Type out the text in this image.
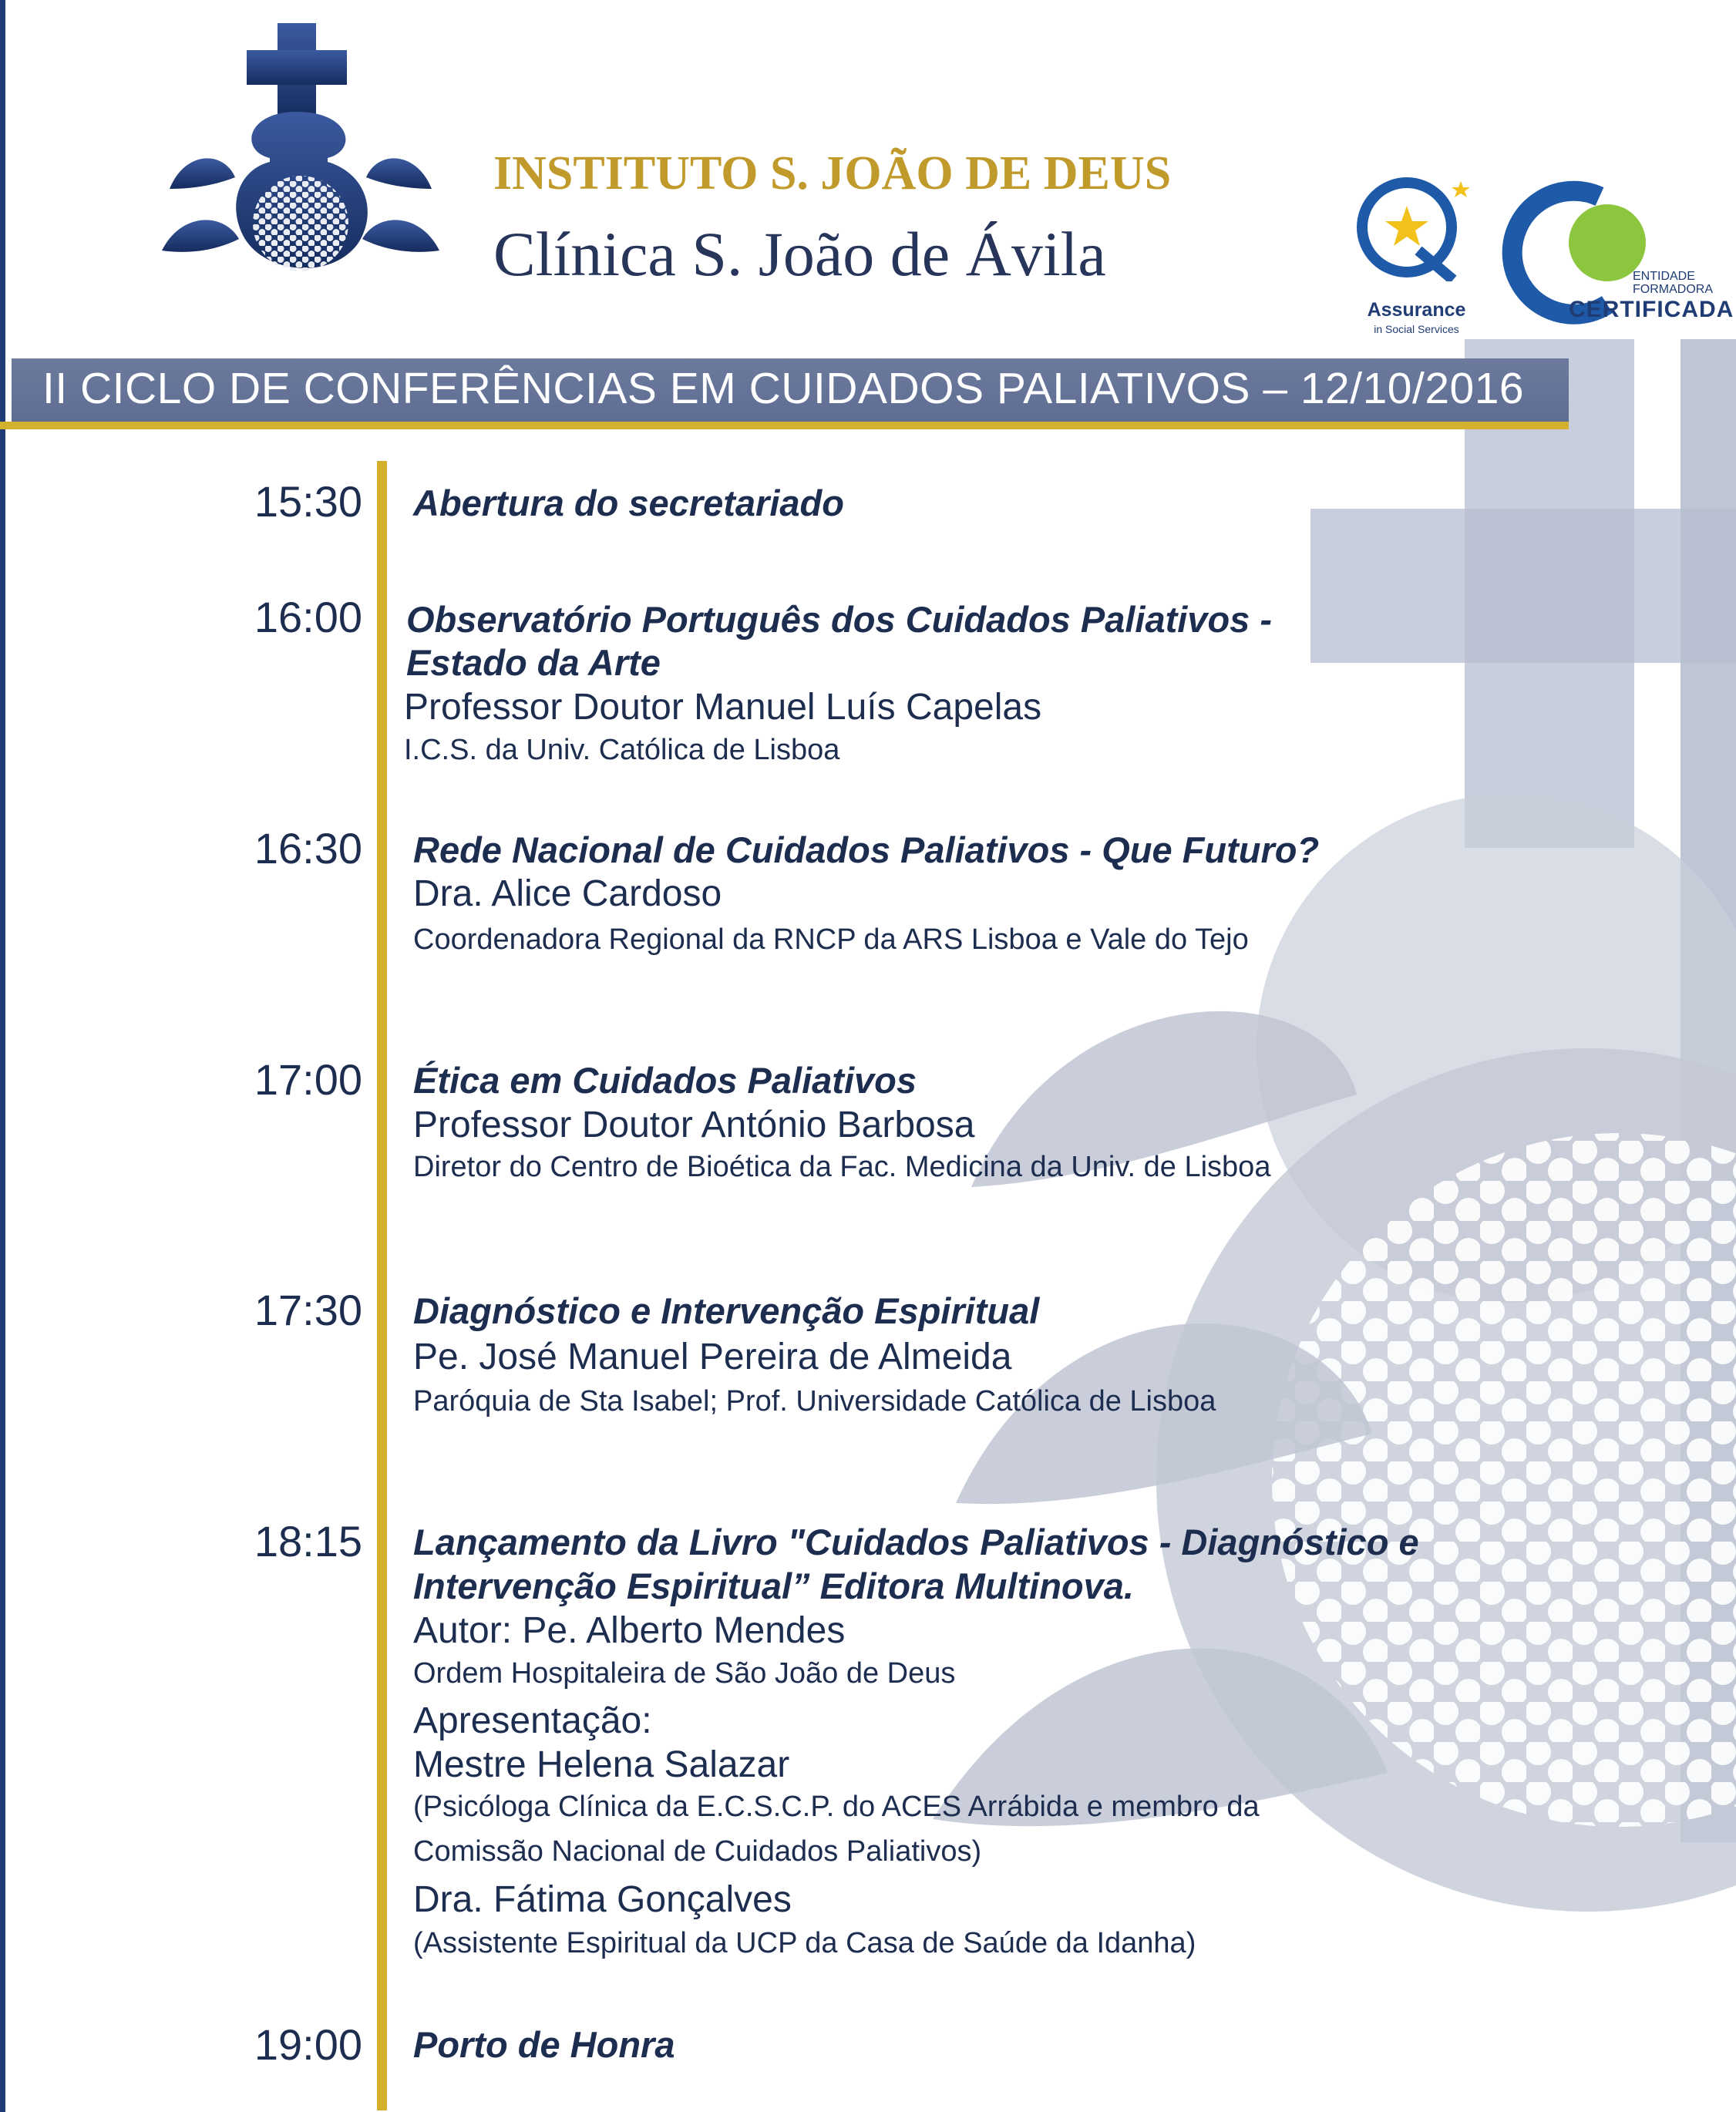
INSTITUTO S. JOÃO DE DEUS
Clínica S. João de Ávila
Assurance
in Social Services
DGERT	ENTIDADE
FORMADORA
CERTIFICADA
II CICLO DE CONFERÊNCIAS EM CUIDADOS PALIATIVOS – 12/10/2016
15:30 Abertura do secretariado
16:00 Observatório Português dos Cuidados Paliativos -
Estado da Arte
Professor Doutor Manuel Luís Capelas
I.C.S. da Univ. Católica de Lisboa
16:30 Rede Nacional de Cuidados Paliativos - Que Futuro?
Dra. Alice Cardoso
Coordenadora Regional da RNCP da ARS Lisboa e Vale do Tejo
17:00 Ética em Cuidados Paliativos
Professor Doutor António Barbosa
Diretor do Centro de Bioética da Fac. Medicina da Univ. de Lisboa
17:30 Diagnóstico e Intervenção Espiritual
Pe. José Manuel Pereira de Almeida
Paróquia de Sta Isabel; Prof. Universidade Católica de Lisboa
18:15 Lançamento da Livro "Cuidados Paliativos - Diagnóstico e
Intervenção Espiritual” Editora Multinova.
Autor: Pe. Alberto Mendes
Ordem Hospitaleira de São João de Deus
Apresentação:
Mestre Helena Salazar
(Psicóloga Clínica da E.C.S.C.P. do ACES Arrábida e membro da
Comissão Nacional de Cuidados Paliativos)
Dra. Fátima Gonçalves
(Assistente Espiritual da UCP da Casa de Saúde da Idanha)
19:00 Porto de Honra
